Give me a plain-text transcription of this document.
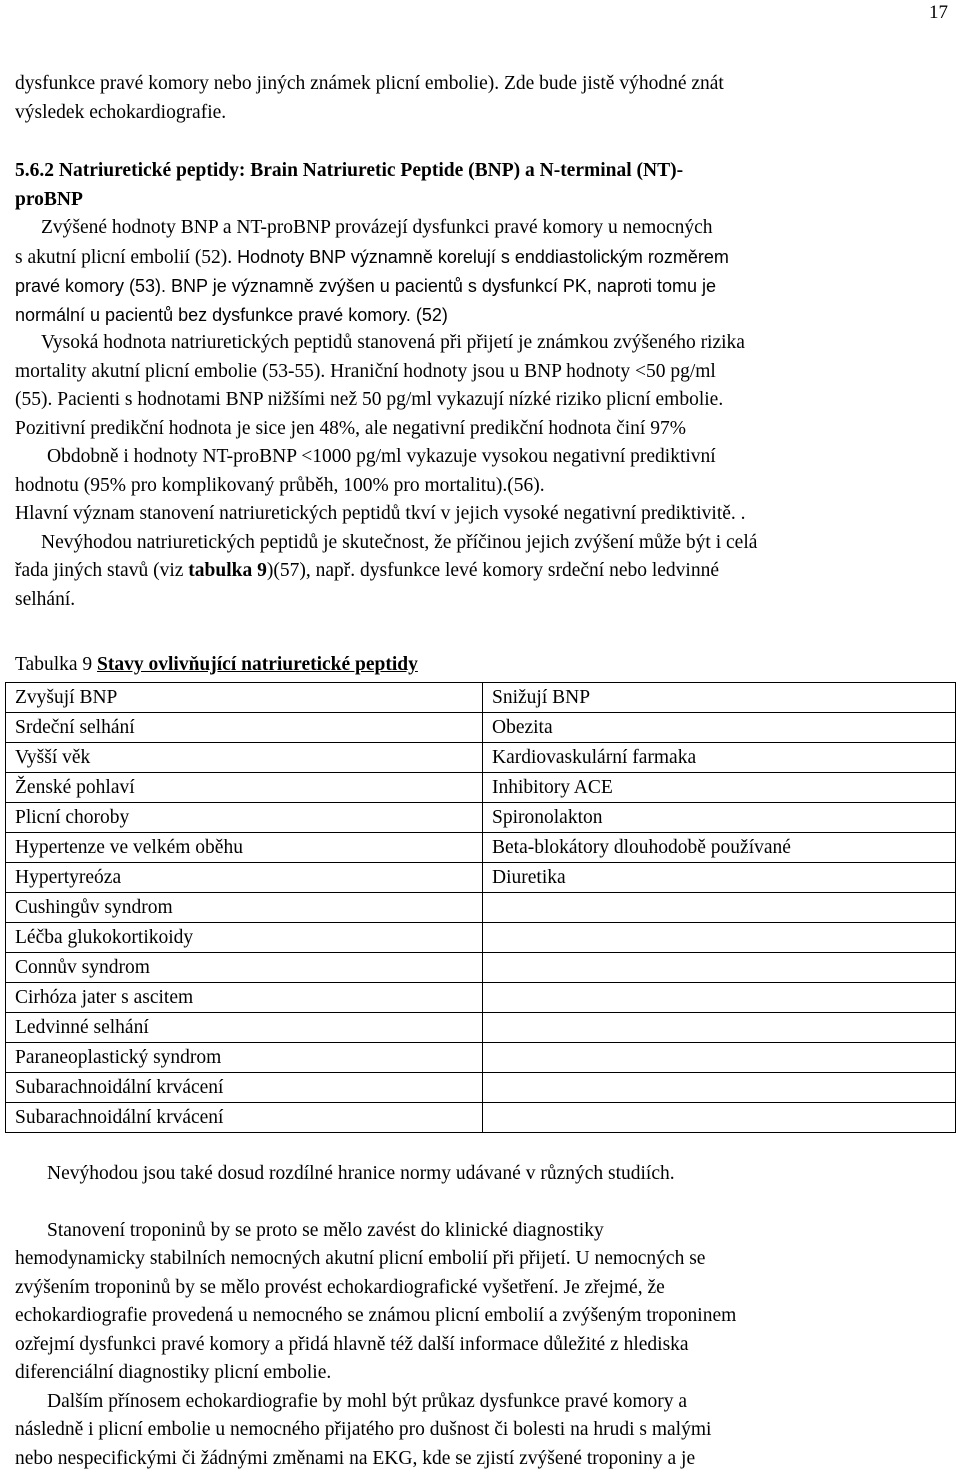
17
dysfunkce pravé komory nebo jiných známek plicní embolie). Zde bude jistě výhodné znát
výsledek echokardiografie.
5.6.2 Natriuretické peptidy: Brain Natriuretic Peptide (BNP) a N-terminal (NT)-
proBNP
Zvýšené hodnoty BNP a NT-proBNP provázejí dysfunkci pravé komory u nemocných
s akutní plicní embolií (52). Hodnoty BNP významně korelují s enddiastolickým rozměrem
pravé komory (53). BNP je významně zvýšen u pacientů s dysfunkcí PK, naproti tomu je
normální u pacientů bez dysfunkce pravé komory. (52)
Vysoká hodnota natriuretických peptidů stanovená při přijetí je známkou zvýšeného rizika
mortality akutní plicní embolie (53-55). Hraniční hodnoty jsou u BNP hodnoty <50 pg/ml
(55). Pacienti s hodnotami BNP nižšími než 50 pg/ml vykazují nízké riziko plicní embolie.
Pozitivní predikční hodnota je sice jen 48%, ale negativní predikční hodnota činí 97%
Obdobně i hodnoty NT-proBNP <1000 pg/ml vykazuje vysokou negativní prediktivní
hodnotu (95% pro komplikovaný průběh, 100% pro mortalitu).(56).
Hlavní význam stanovení natriuretických peptidů tkví v jejich vysoké negativní prediktivitě. .
Nevýhodou natriuretických peptidů je skutečnost, že příčinou jejich zvýšení může být i celá
řada jiných stavů (viz tabulka 9)(57), např. dysfunkce levé komory srdeční nebo ledvinné
selhání.
Tabulka 9 Stavy ovlivňující natriuretické peptidy
Zvyšují BNP	Snižují BNP
Srdeční selhání	Obezita
Vyšší věk	Kardiovaskulární farmaka
Ženské pohlaví	Inhibitory ACE
Plicní choroby	Spironolakton
Hypertenze ve velkém oběhu	Beta-blokátory dlouhodobě používané
Hypertyreóza	Diuretika
Cushingův syndrom	
Léčba glukokortikoidy	
Connův syndrom	
Cirhóza jater s ascitem	
Ledvinné selhání	
Paraneoplastický syndrom	
Subarachnoidální krvácení	
Subarachnoidální krvácení	
Nevýhodou jsou také dosud rozdílné hranice normy udávané v různých studiích.
Stanovení troponinů by se proto se mělo zavést do klinické diagnostiky
hemodynamicky stabilních nemocných akutní plicní embolií při přijetí. U nemocných se
zvýšením troponinů by se mělo provést echokardiografické vyšetření. Je zřejmé, že
echokardiografie provedená u nemocného se známou plicní embolií a zvýšeným troponinem
ozřejmí dysfunkci pravé komory a přidá hlavně též další informace důležité z hlediska
diferenciální diagnostiky plicní embolie.
Dalším přínosem echokardiografie by mohl být průkaz dysfunkce pravé komory a
následně i plicní embolie u nemocného přijatého pro dušnost či bolesti na hrudi s malými
nebo nespecifickými či žádnými změnami na EKG, kde se zjistí zvýšené troponiny a je
